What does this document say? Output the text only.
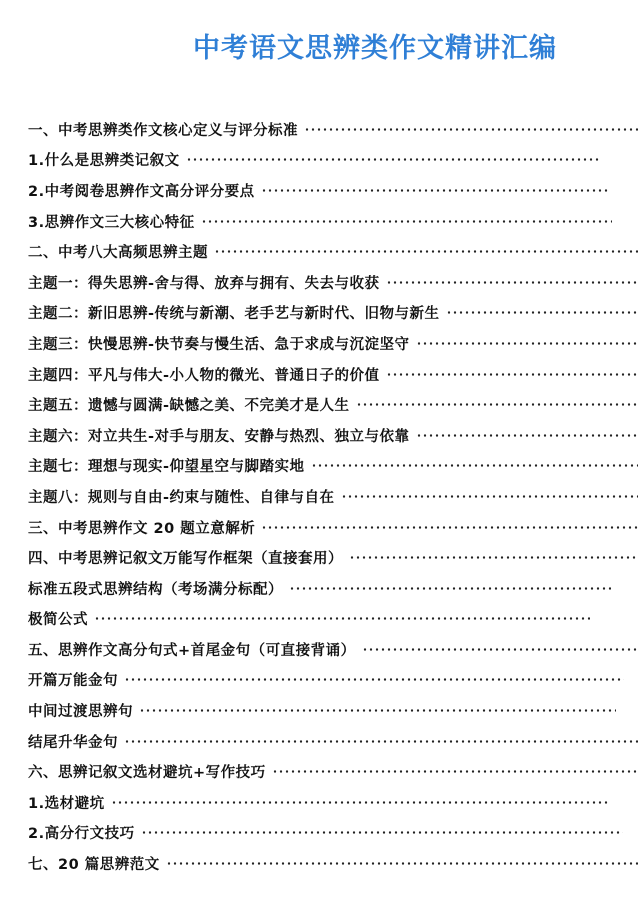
中考语文思辨类作文精讲汇编
一、中考思辨类作文核心定义与评分标准
1.什么是思辨类记叙文
2.中考阅卷思辨作文高分评分要点
3.思辨作文三大核心特征
二、中考八大高频思辨主题
主题一：得失思辨-舍与得、放弃与拥有、失去与收获
主题二：新旧思辨-传统与新潮、老手艺与新时代、旧物与新生
主题三：快慢思辨-快节奏与慢生活、急于求成与沉淀坚守
主题四：平凡与伟大-小人物的微光、普通日子的价值
主题五：遗憾与圆满-缺憾之美、不完美才是人生
主题六：对立共生-对手与朋友、安静与热烈、独立与依靠
主题七：理想与现实-仰望星空与脚踏实地
主题八：规则与自由-约束与随性、自律与自在
三、中考思辨作文 20 题立意解析
四、中考思辨记叙文万能写作框架（直接套用）
标准五段式思辨结构（考场满分标配）
极简公式
五、思辨作文高分句式+首尾金句（可直接背诵）
开篇万能金句
中间过渡思辨句
结尾升华金句
六、思辨记叙文选材避坑+写作技巧
1.选材避坑
2.高分行文技巧
七、20 篇思辨范文
